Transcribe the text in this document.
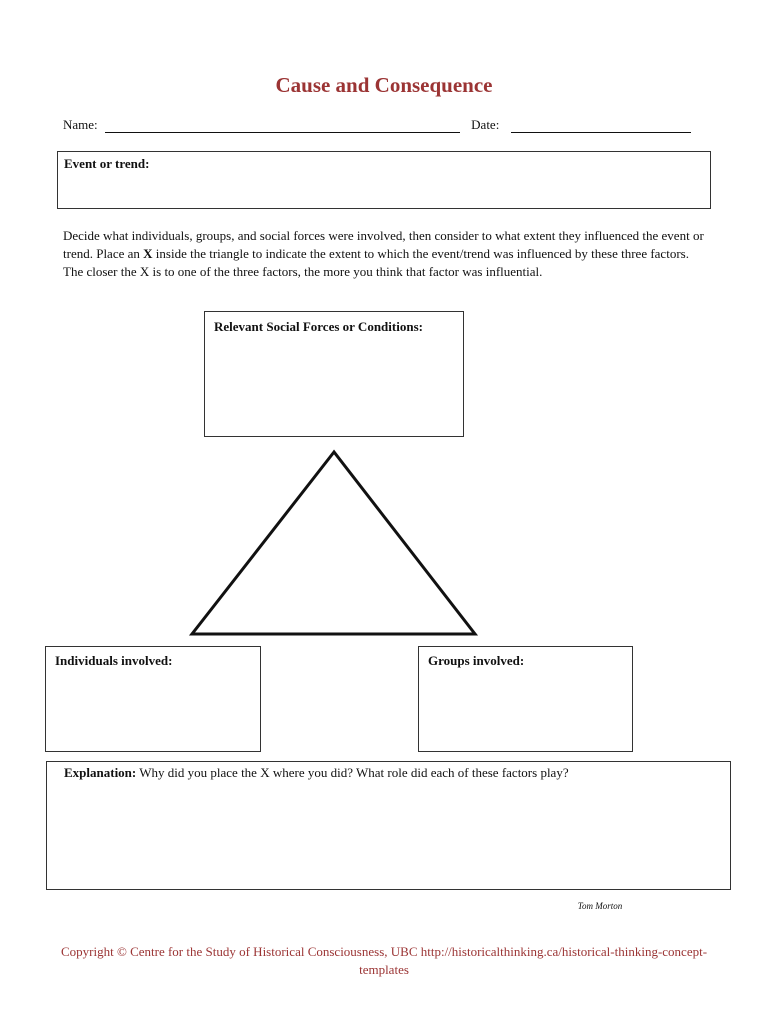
Cause and Consequence
Name:	Date:
Event or trend:
Decide what individuals, groups, and social forces were involved, then consider to what extent they influenced the event or trend. Place an X inside the triangle to indicate the extent to which the event/trend was influenced by these three factors. The closer the X is to one of the three factors, the more you think that factor was influential.
Relevant Social Forces or Conditions:
Individuals involved:	Groups involved:
Explanation: Why did you place the X where you did? What role did each of these factors play?
Tom Morton
Copyright © Centre for the Study of Historical Consciousness, UBC http://historicalthinking.ca/historical-thinking-concept-templates
